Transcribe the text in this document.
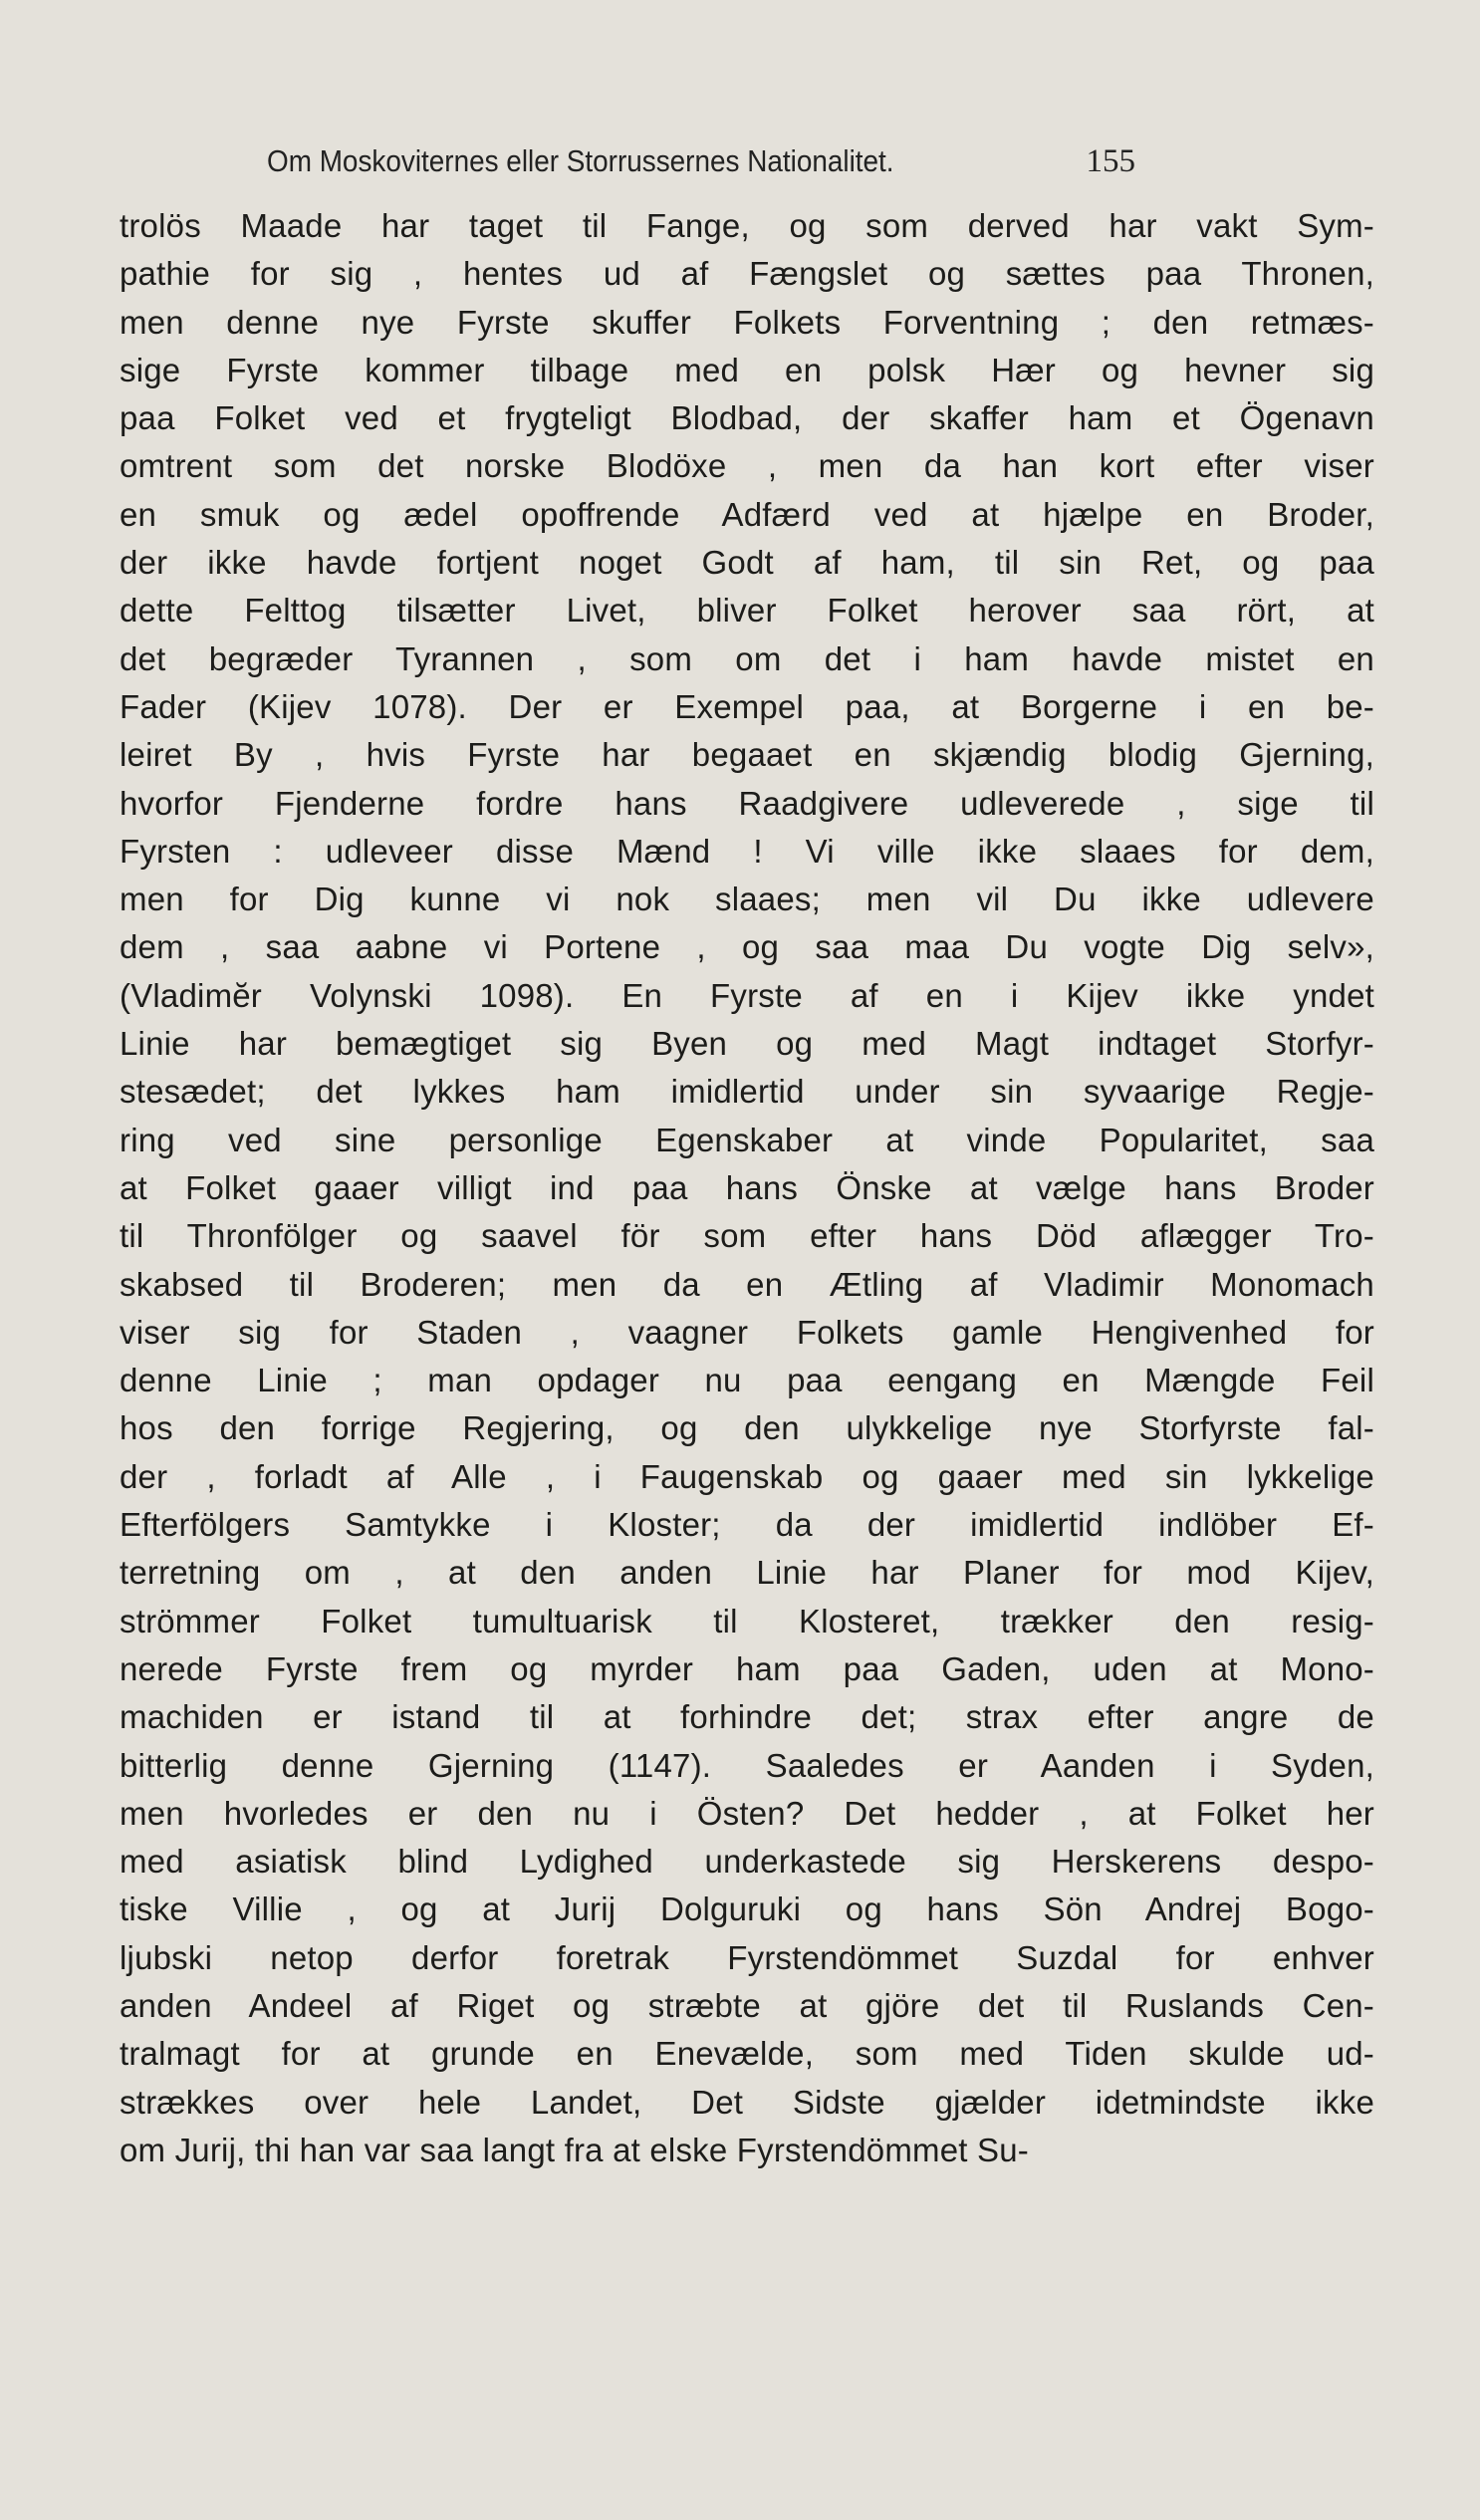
Om Moskoviternes eller Storrussernes Nationalitet.	155
trolös Maade har taget til Fange, og som derved har vakt Sym-
pathie for sig , hentes ud af Fængslet og sættes paa Thronen,
men denne nye Fyrste skuffer Folkets Forventning ; den retmæs-
sige Fyrste kommer tilbage med en polsk Hær og hevner sig
paa Folket ved et frygteligt Blodbad, der skaffer ham et Ögenavn
omtrent som det norske Blodöxe , men da han kort efter viser
en smuk og ædel opoffrende Adfærd ved at hjælpe en Broder,
der ikke havde fortjent noget Godt af ham, til sin Ret, og paa
dette Felttog tilsætter Livet, bliver Folket herover saa rört, at
det begræder Tyrannen , som om det i ham havde mistet en
Fader (Kijev 1078). Der er Exempel paa, at Borgerne i en be-
leiret By , hvis Fyrste har begaaet en skjændig blodig Gjerning,
hvorfor Fjenderne fordre hans Raadgivere udleverede , sige til
Fyrsten : udleveer disse Mænd ! Vi ville ikke slaaes for dem,
men for Dig kunne vi nok slaaes; men vil Du ikke udlevere
dem , saa aabne vi Portene , og saa maa Du vogte Dig selv»,
(Vladimĕr Volynski 1098). En Fyrste af en i Kijev ikke yndet
Linie har bemægtiget sig Byen og med Magt indtaget Storfyr-
stesædet; det lykkes ham imidlertid under sin syvaarige Regje-
ring ved sine personlige Egenskaber at vinde Popularitet, saa
at Folket gaaer villigt ind paa hans Önske at vælge hans Broder
til Thronfölger og saavel för som efter hans Död aflægger Tro-
skabsed til Broderen; men da en Ætling af Vladimir Monomach
viser sig for Staden , vaagner Folkets gamle Hengivenhed for
denne Linie ; man opdager nu paa eengang en Mængde Feil
hos den forrige Regjering, og den ulykkelige nye Storfyrste fal-
der , forladt af Alle , i Faugenskab og gaaer med sin lykkelige
Efterfölgers Samtykke i Kloster; da der imidlertid indlöber Ef-
terretning om , at den anden Linie har Planer for mod Kijev,
strömmer Folket tumultuarisk til Klosteret, trækker den resig-
nerede Fyrste frem og myrder ham paa Gaden, uden at Mono-
machiden er istand til at forhindre det; strax efter angre de
bitterlig denne Gjerning (1147). Saaledes er Aanden i Syden,
men hvorledes er den nu i Östen? Det hedder , at Folket her
med asiatisk blind Lydighed underkastede sig Herskerens despo-
tiske Villie , og at Jurij Dolguruki og hans Sön Andrej Bogo-
ljubski netop derfor foretrak Fyrstendömmet Suzdal for enhver
anden Andeel af Riget og stræbte at gjöre det til Ruslands Cen-
tralmagt for at grunde en Enevælde, som med Tiden skulde ud-
strækkes over hele Landet, Det Sidste gjælder idetmindste ikke
om Jurij, thi han var saa langt fra at elske Fyrstendömmet Su-
